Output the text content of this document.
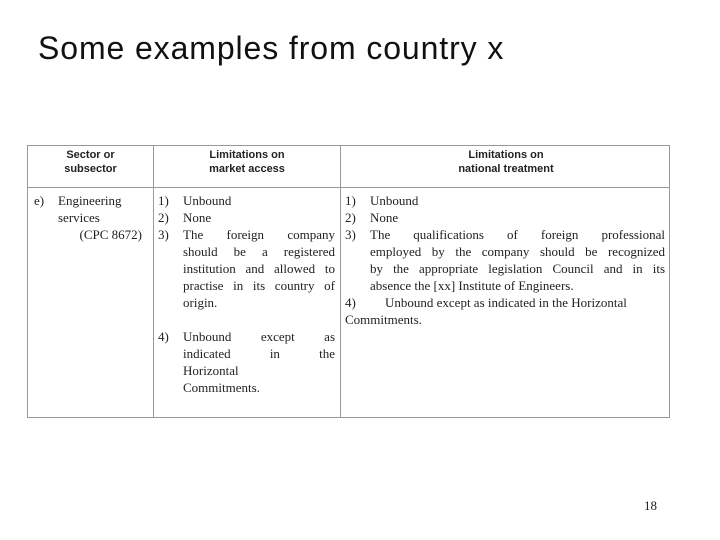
Some examples from country x
Sector or
subsector
Limitations on
market access
Limitations on
national treatment
e) Engineering
services
(CPC 8672)
1) Unbound
2) None
3) The foreign company
should be a registered
institution and allowed to
practise in its country of
origin.
4) Unbound except as
indicated in the
Horizontal
Commitments.
1) Unbound
2) None
3) The qualifications of foreign professional
employed by the company should be recognized
by the appropriate legislation Council and in its
absence the [xx] Institute of Engineers.
4) Unbound except as indicated in the Horizontal
Commitments.
18
